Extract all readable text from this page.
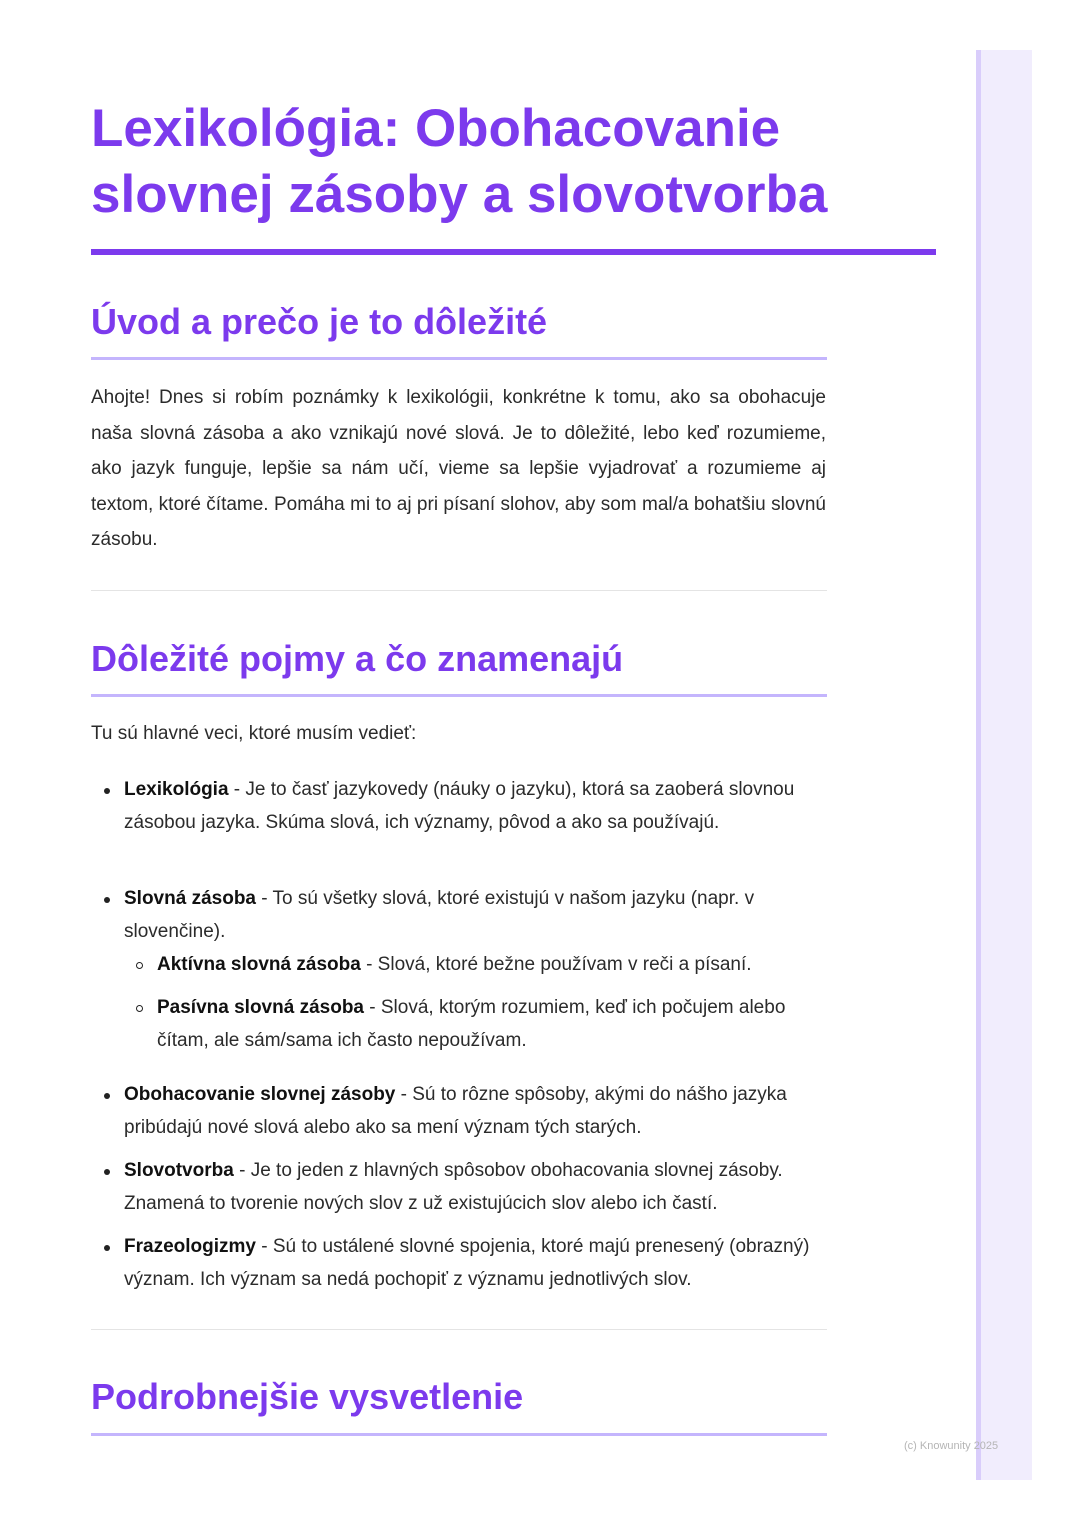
(c) Knowunity 2025
Lexikológia: Obohacovanie slovnej zásoby a slovotvorba
Úvod a prečo je to dôležité

Ahojte! Dnes si robím poznámky k lexikológii, konkrétne k tomu, ako sa obohacuje naša slovná zásoba a ako vznikajú nové slová. Je to dôležité, lebo keď rozumieme, ako jazyk funguje, lepšie sa nám učí, vieme sa lepšie vyjadrovať a rozumieme aj textom, ktoré čítame. Pomáha mi to aj pri písaní slohov, aby som mal/a bohatšiu slovnú zásobu.

Dôležité pojmy a čo znamenajú

Tu sú hlavné veci, ktoré musím vedieť:

Lexikológia - Je to časť jazykovedy (náuky o jazyku), ktorá sa zaoberá slovnou zásobou jazyka. Skúma slová, ich významy, pôvod a ako sa používajú.
Slovná zásoba - To sú všetky slová, ktoré existujú v našom jazyku (napr. v slovenčine).
Aktívna slovná zásoba - Slová, ktoré bežne používam v reči a písaní.
Pasívna slovná zásoba - Slová, ktorým rozumiem, keď ich počujem alebo čítam, ale sám/sama ich často nepoužívam.
Obohacovanie slovnej zásoby - Sú to rôzne spôsoby, akými do nášho jazyka pribúdajú nové slová alebo ako sa mení význam tých starých.
Slovotvorba - Je to jeden z hlavných spôsobov obohacovania slovnej zásoby. Znamená to tvorenie nových slov z už existujúcich slov alebo ich častí.
Frazeologizmy - Sú to ustálené slovné spojenia, ktoré majú prenesený (obrazný) význam. Ich význam sa nedá pochopiť z významu jednotlivých slov.
Podrobnejšie vysvetlenie
